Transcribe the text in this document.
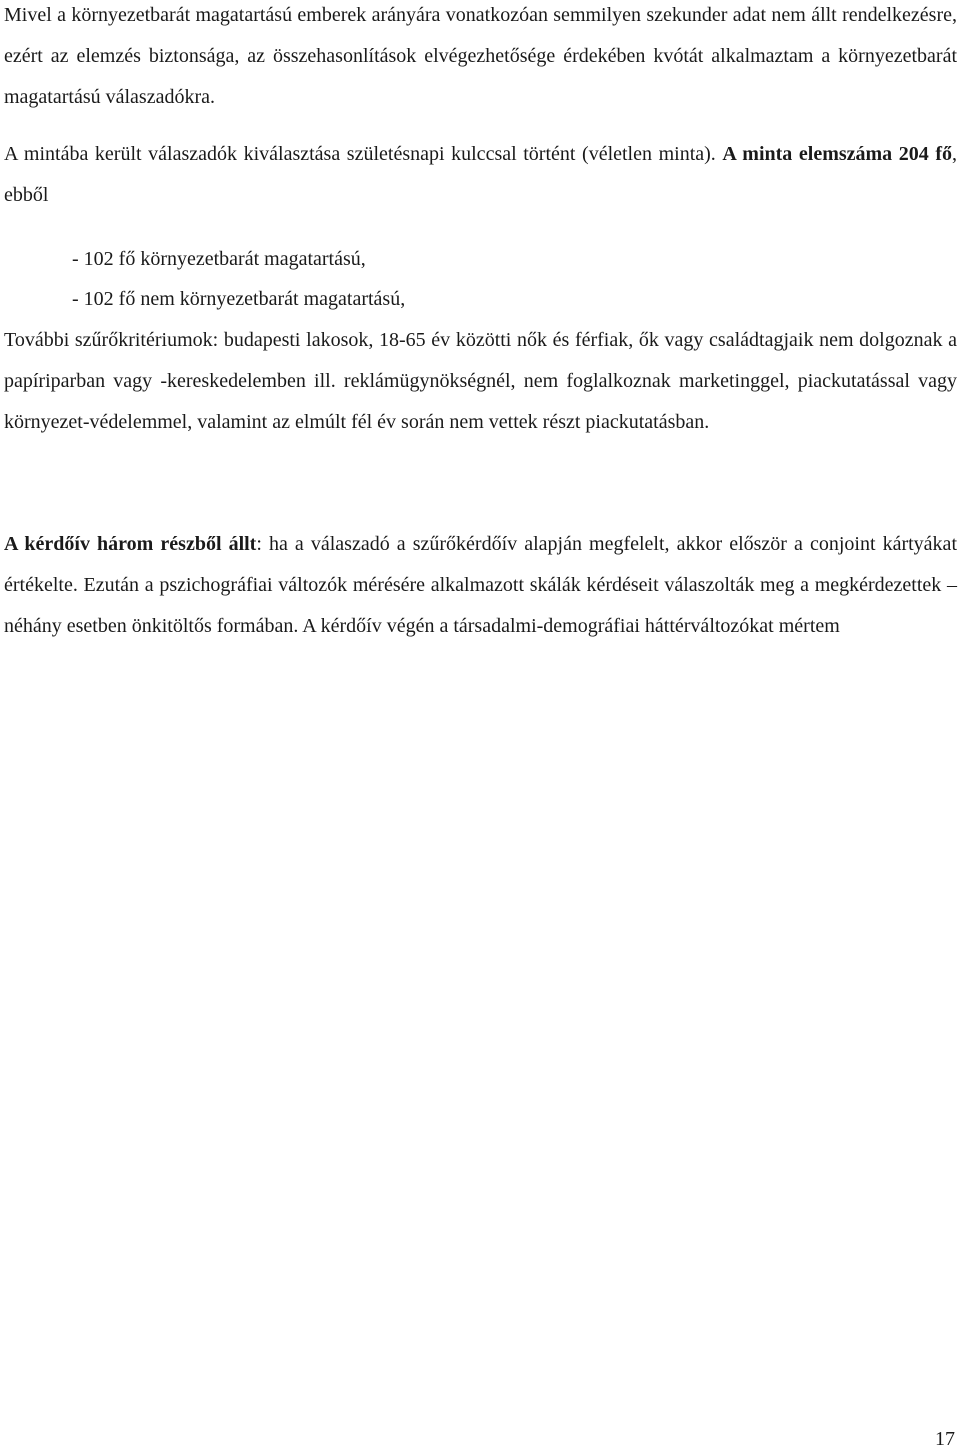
Mivel a környezetbarát magatartású emberek arányára vonatkozóan semmilyen szekunder adat nem állt rendelkezésre, ezért az elemzés biztonsága, az összehasonlítások elvégezhetősége érdekében kvótát alkalmaztam a környezetbarát magatartású válaszadókra.

A mintába került válaszadók kiválasztása születésnapi kulccsal történt (véletlen minta). A minta elemszáma 204 fő, ebből

- 102 fő környezetbarát magatartású,
- 102 fő nem környezetbarát magatartású,

További szűrőkritériumok: budapesti lakosok, 18-65 év közötti nők és férfiak, ők vagy családtagjaik nem dolgoznak a papíriparban vagy -kereskedelemben ill. reklámügynökségnél, nem foglalkoznak marketinggel, piackutatással vagy környezet-védelemmel, valamint az elmúlt fél év során nem vettek részt piackutatásban.

A kérdőív három részből állt: ha a válaszadó a szűrőkérdőív alapján megfelelt, akkor először a conjoint kártyákat értékelte. Ezután a pszichográfiai változók mérésére alkalmazott skálák kérdéseit válaszolták meg a megkérdezettek – néhány esetben önkitöltős formában. A kérdőív végén a társadalmi-demográfiai háttérváltozókat mértem

17
